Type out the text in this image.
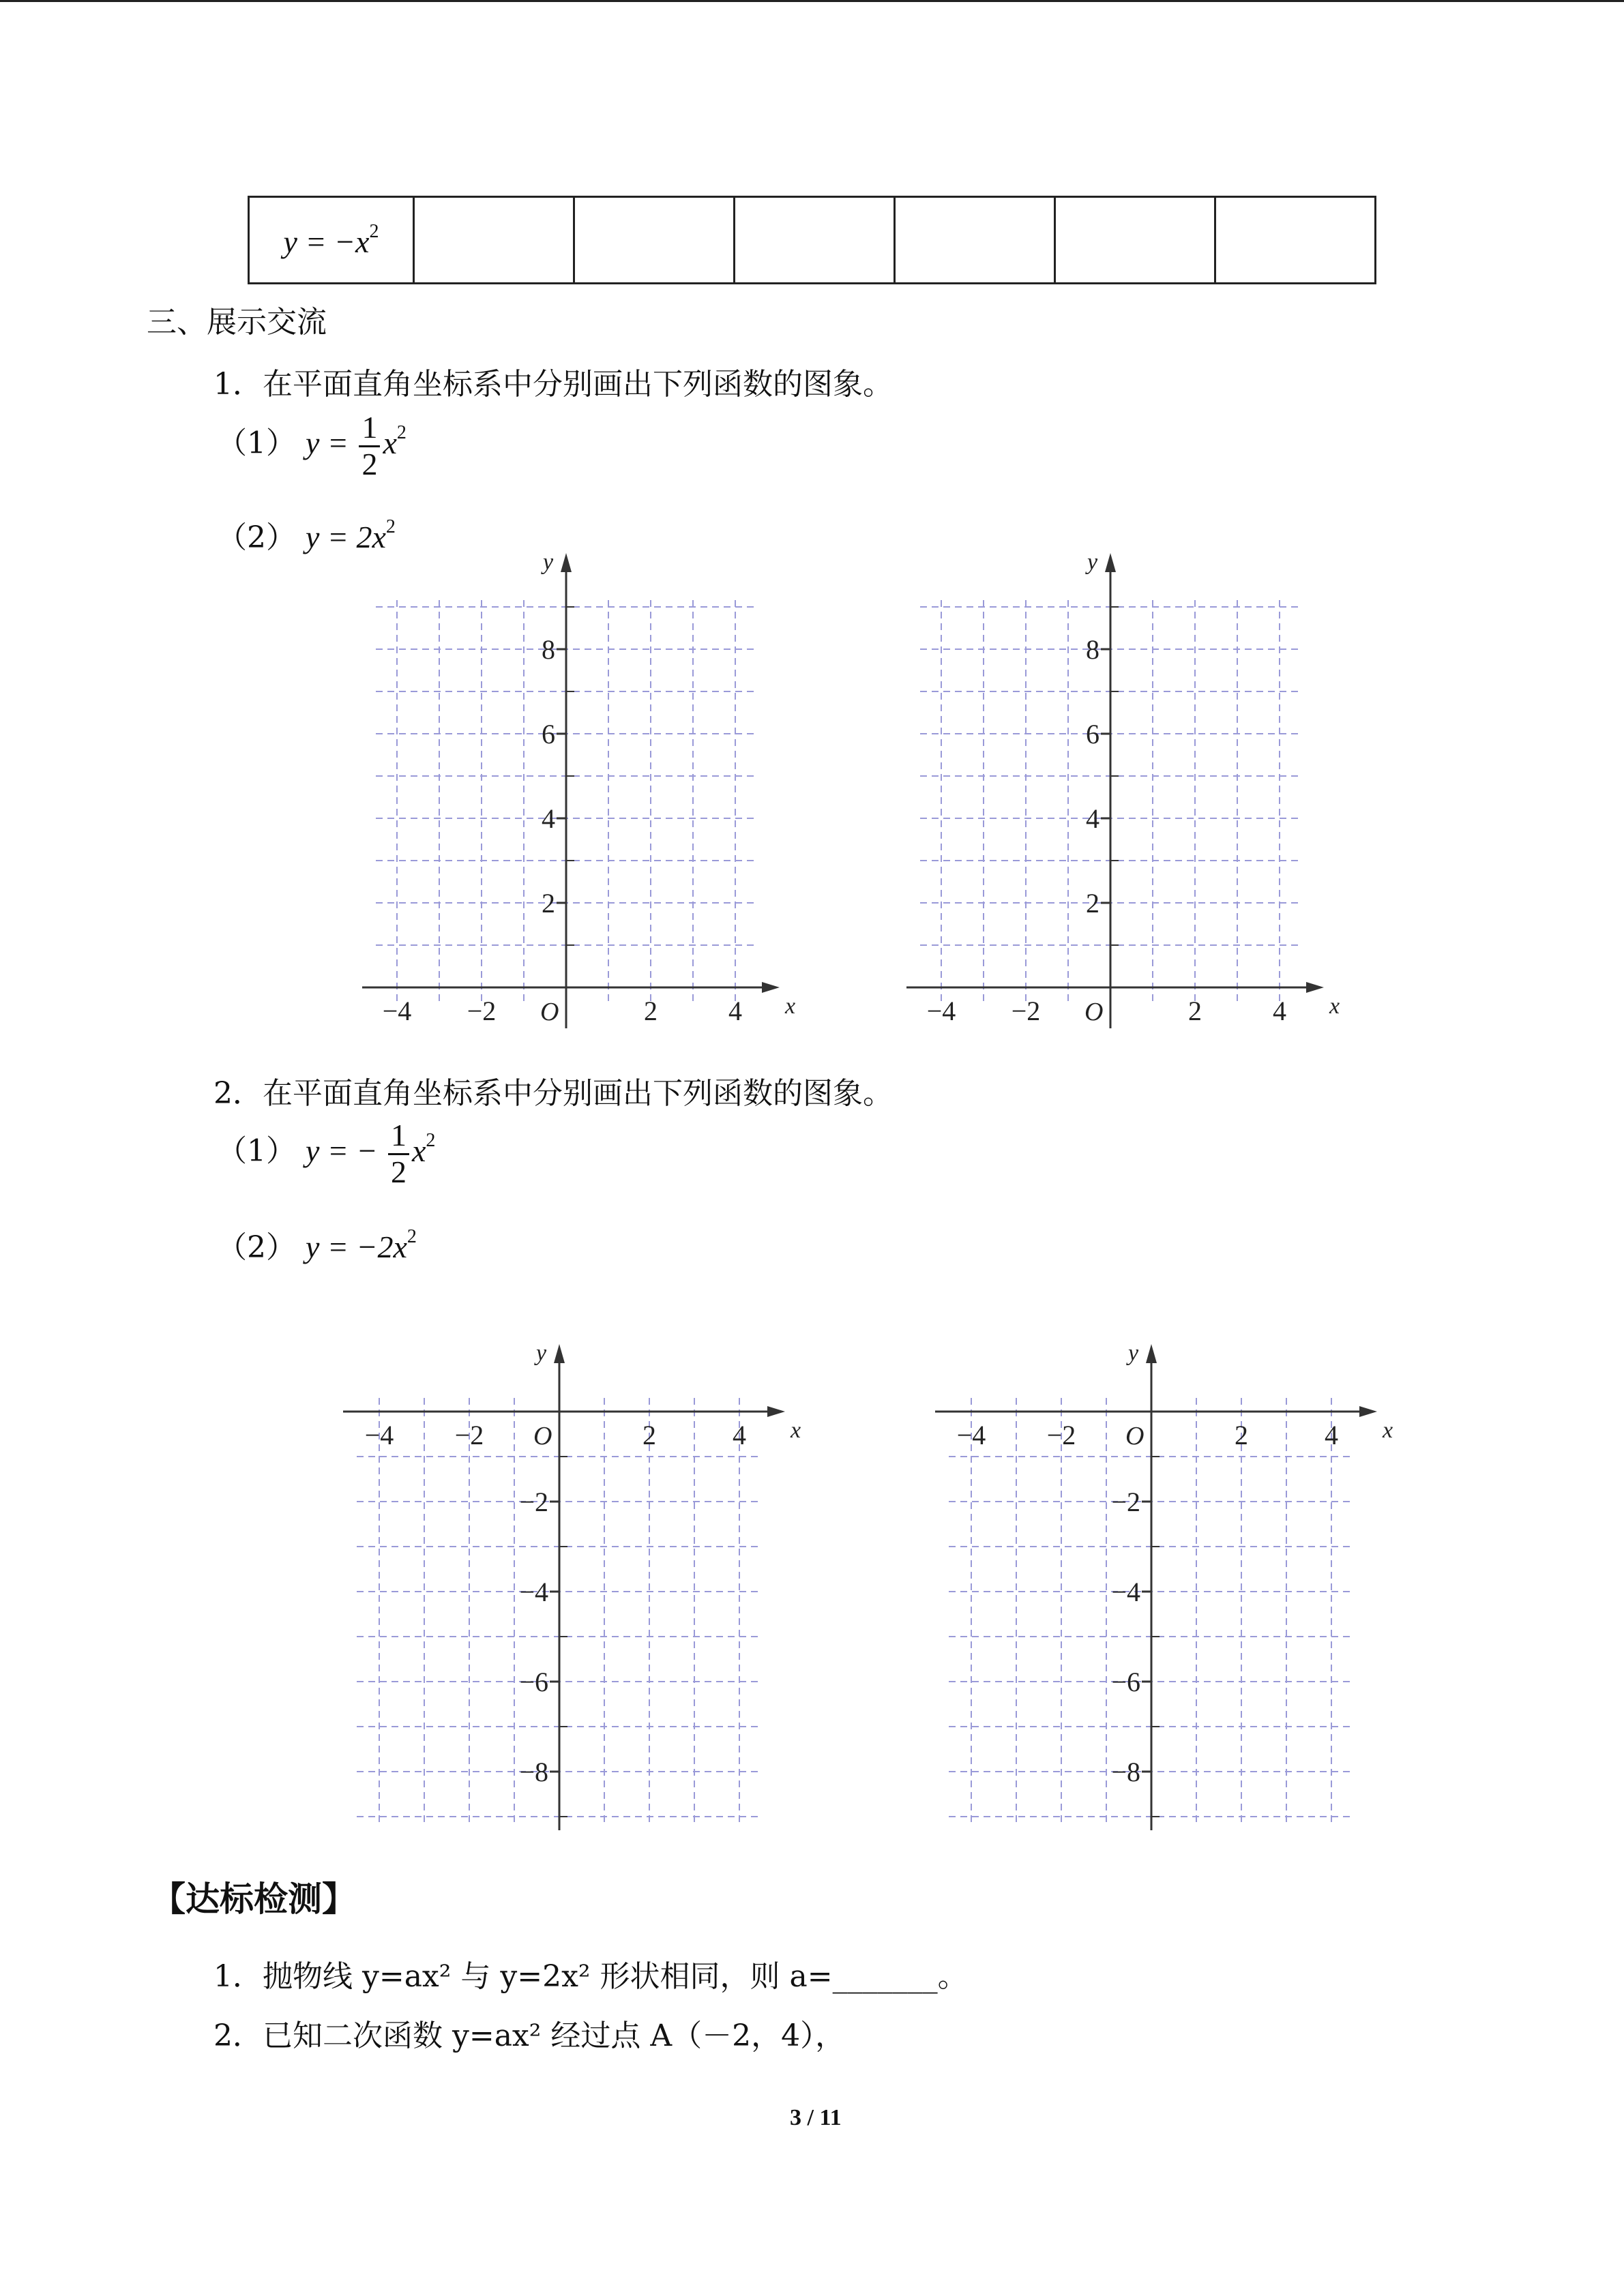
$y = -x^2$						
三、展示交流
1．在平面直角坐标系中分别画出下列函数的图象。
（1） $y = \frac{1}{2} x^2$
（2） $y = 2x^2$
x
y
O
−4 −2	2	4
2
4
6
8
x
y
O
−4 −2	2	4
2
4
6
8
2．在平面直角坐标系中分别画出下列函数的图象。
（1） y = − $\frac{1}{2} x^2$
（2） $y = -2x^2$
x
y
O
−4 −2	2	4
−2
−4
−6
−8
x
y
O
−4 −2	2	4
−2
−4
−6
−8
【达标检测】
1．抛物线 y=ax² 与 y=2x² 形状相同，则 a=_______。
2．已知二次函数 y=ax² 经过点 A（－2，4），
3 / 11
